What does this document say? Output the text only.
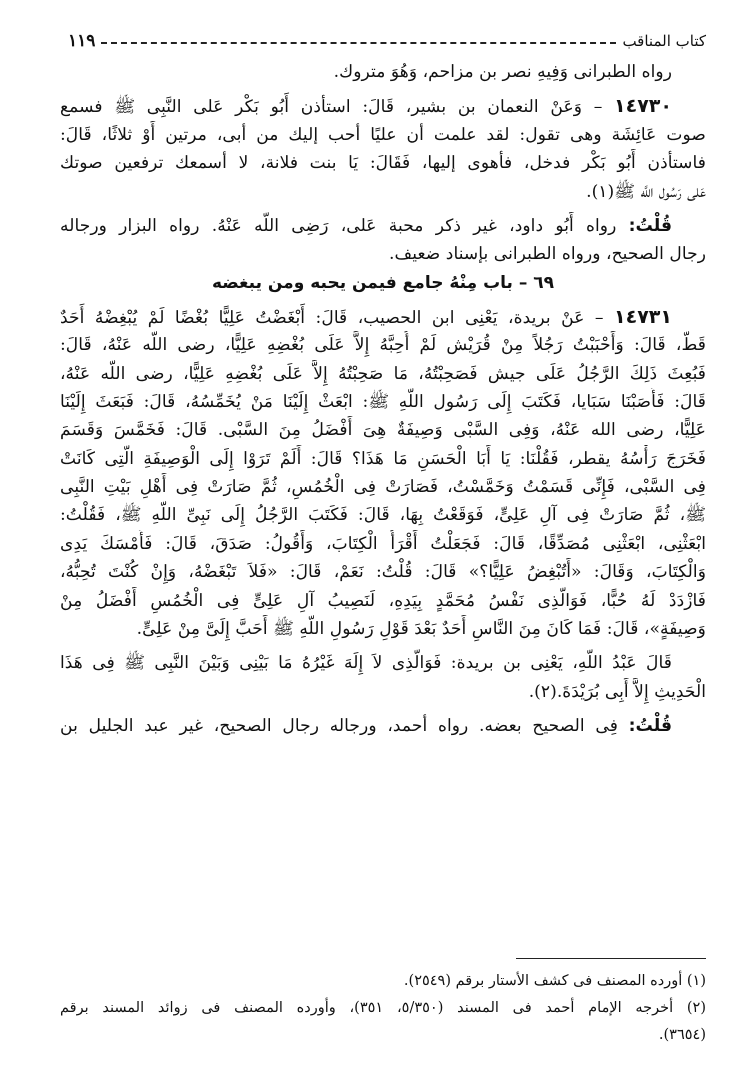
كتاب المناقب
١١٩
رواه الطبرانى وَفِيهِ نصر بن مزاحم، وَهُوَ متروك.
١٤٧٣٠ – وَعَنْ النعمان بن بشير، قَالَ: استأذن أَبُو بَكْر عَلى النَّبِى ﷺ فسمع
صوت عَائِشَة وهى تقول: لقد علمت أن عليًا أحب إليك من أبى، مرتين أَوْ ثلاثًا، قَالَ:
فاستأذن أَبُو بَكْر فدخل، فأهوى إليها، فَقَالَ: يَا بنت فلانة، لا أسمعك ترفعين صوتك
عَلى رَسُول اللَّه ﷺ(١).
قُلْتُ: رواه أَبُو داود، غير ذكر محبة عَلى، رَضِى اللَّه عَنْهُ. رواه البزار ورجاله
رجال الصحيح، ورواه الطبرانى بإسناد ضعيف.
٦٩ – باب مِنْهُ جامع فيمن يحبه ومن يبغضه
١٤٧٣١ – عَنْ بريدة، يَعْنِى ابن الحصيب، قَالَ: أَبْغَضْتُ عَلِيًّا بُغْضًا لَمْ يُبْغِضْهُ أَحَدٌ
قَطُّ، قَالَ: وَأَحْبَبْتُ رَجُلاً مِنْ قُرَيْش لَمْ أُحِبَّهُ إِلاَّ عَلَى بُغْضِهِ عَلِيًّا، رضى اللّه عَنْهُ، قَالَ:
فَبُعِثَ ذَلِكَ الرَّجُلُ عَلَى جيش فَصَحِبْتُهُ، مَا صَحِبْتُهُ إِلاَّ عَلَى بُغْضِهِ عَلِيًّا، رضى اللّه عَنْهُ،
قَالَ: فَأَصَبْنَا سَبَايا، فَكَتَبَ إِلَى رَسُول اللَّهِ ﷺ: ابْعَثْ إِلَيْنَا مَنْ يُخَمِّسُهُ، قَالَ: فَبَعَثَ إِلَيْنَا
عَلِيًّا، رضى الله عَنْهُ، وَفِى السَّبْى وَصِيفَةٌ هِىَ أَفْضَلُ مِنَ السَّبْى. قَالَ: فَخَمَّسَ وَقَسَمَ
فَخَرَجَ رَأْسُهُ يقطر، فَقُلْنَا: يَا أَبَا الْحَسَنِ مَا هَذَا؟ قَالَ: أَلَمْ تَرَوْا إِلَى الْوَصِيفَةِ الَّتِى كَانَتْ
فِى السَّبْى، فَإِنِّى قَسَمْتُ وَخَمَّسْتُ، فَصَارَتْ فِى الْخُمُسِ، ثُمَّ صَارَتْ فِى أَهْلِ بَيْتِ النَّبِى
ﷺ، ثُمَّ صَارَتْ فِى آلِ عَلِىٍّ، فَوَقَعْتُ بِهَا، قَالَ: فَكَتَبَ الرَّجُلُ إِلَى نَبِىِّ اللَّهِ ﷺ، فَقُلْتُ:
ابْعَثْنِى، ابْعَثْنِى مُصَدِّقًا، قَالَ: فَجَعَلْتُ أَقْرَأُ الْكِتَابَ، وَأَقُولُ: صَدَقَ، قَالَ: فَأَمْسَكَ يَدِى
وَالْكِتَابَ، وَقَالَ: «أَتُبْغِضُ عَلِيًّا؟» قَالَ: قُلْتُ: نَعَمْ، قَالَ: «فَلاَ تَبْغَضْهُ، وَإِنْ كُنْتَ تُحِبُّهُ،
فَازْدَدْ لَهُ حُبًّا، فَوَالَّذِى نَفْسُ مُحَمَّدٍ بِيَدِهِ، لَنَصِيبُ آلِ عَلِىٍّ فِى الْخُمُسِ أَفْضَلُ مِنْ
وَصِيفَةٍ»، قَالَ: فَمَا كَانَ مِنَ النَّاسِ أَحَدٌ بَعْدَ قَوْلِ رَسُولِ اللَّهِ ﷺ أَحَبَّ إِلَىَّ مِنْ عَلِىٍّ.
قَالَ عَبْدُ اللَّهِ، يَعْنِى بن بريدة: فَوَالَّذِى لاَ إِلَهَ غَيْرُهُ مَا بَيْنِى وَبَيْنَ النَّبِى ﷺ فِى هَذَا
الْحَدِيثِ إِلاَّ أَبِى بُرَيْدَةَ.(٢).
قُلْتُ: فِى الصحيح بعضه. رواه أحمد، ورجاله رجال الصحيح، غير عبد الجليل بن
(١) أورده المصنف فى كشف الأستار برقم (٢٥٤٩).
(٢) أخرجه الإمام أحمد فى المسند (٥/٣٥٠، ٣٥١)، وأورده المصنف فى زوائد المسند برقم
(٣٦٥٤).
